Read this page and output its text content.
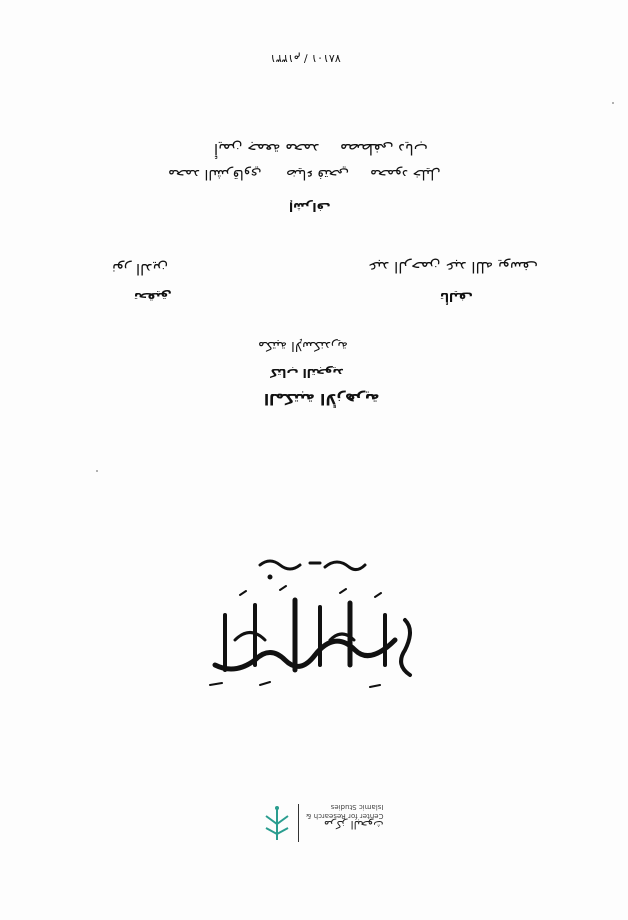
١٣٣١م / ٧٨١٠١
مصطفى دياب
أيمن جمعة محمد
محمود خليل
ضياء فتحي
محمد الشرقاوي
إشراف
عبد الرحمن عبد الله يوسف
نور الدين
تأليف
تحقيق
مكتبة الإسكندرية
كتاب التجويد
المكتبة الأزهرية
مركز البحوث
Center for Research &
Islamic Studies
